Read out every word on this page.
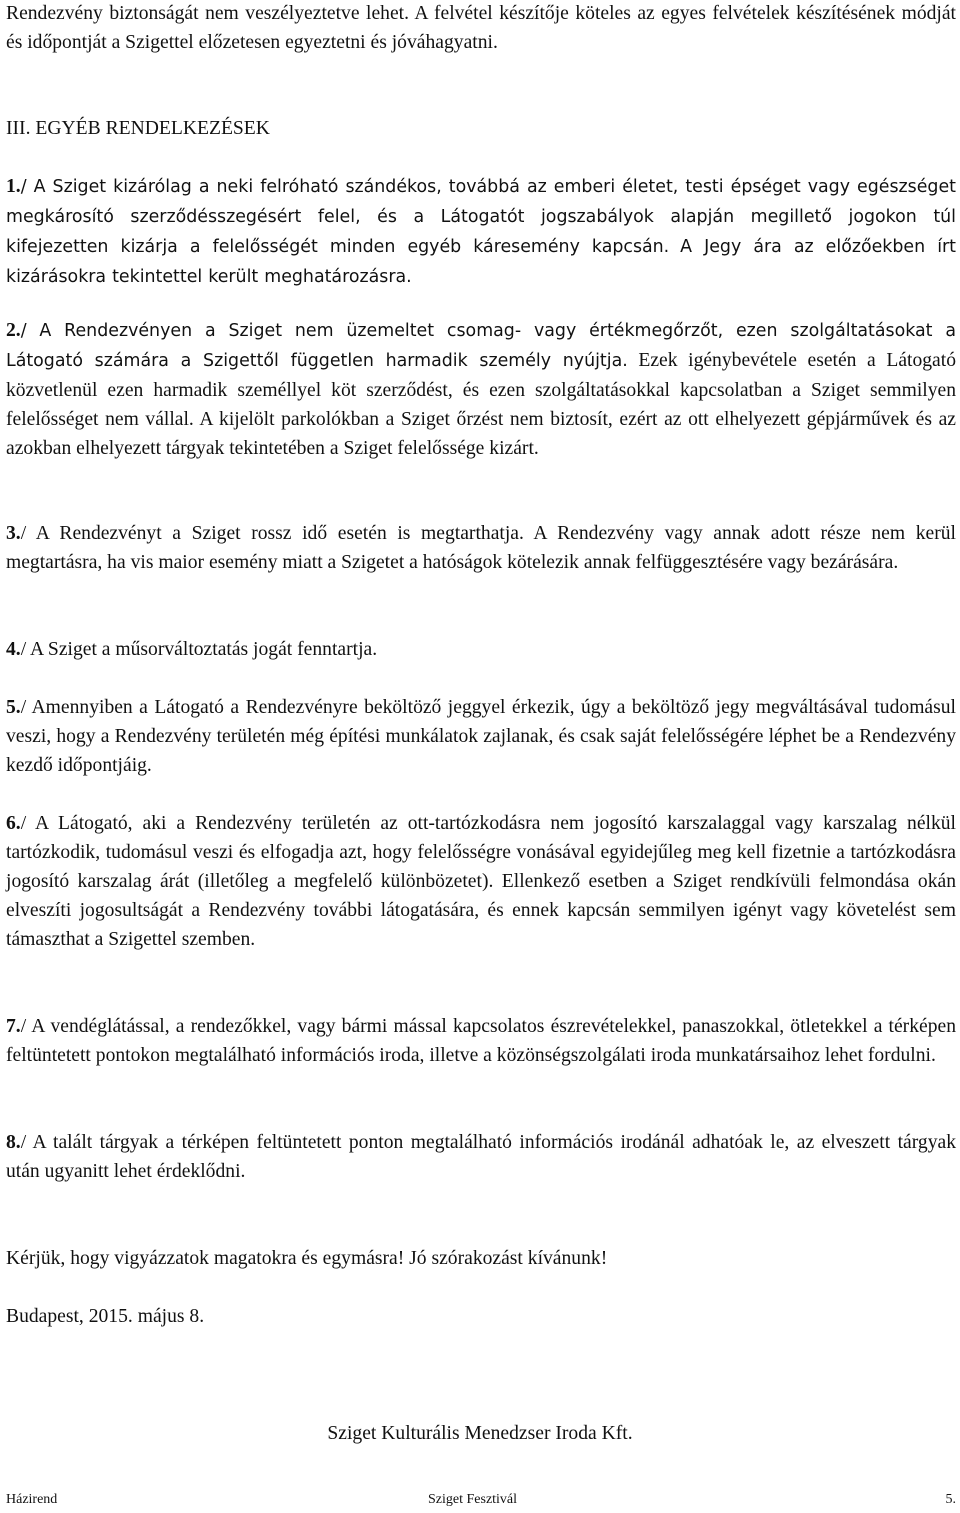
Rendezvény biztonságát nem veszélyeztetve lehet. A felvétel készítője köteles az egyes felvételek készítésének módját és időpontját a Szigettel előzetesen egyeztetni és jóváhagyatni.

III. EGYÉB RENDELKEZÉSEK

1./ A Sziget kizárólag a neki felróható szándékos, továbbá az emberi életet, testi épséget vagy egészséget megkárosító szerződésszegésért felel, és a Látogatót jogszabályok alapján megillető jogokon túl kifejezetten kizárja a felelősségét minden egyéb káresemény kapcsán. A Jegy ára az előzőekben írt kizárásokra tekintettel került meghatározásra.

2./ A Rendezvényen a Sziget nem üzemeltet csomag- vagy értékmegőrzőt, ezen szolgáltatásokat a Látogató számára a Szigettől független harmadik személy nyújtja. Ezek igénybevétele esetén a Látogató közvetlenül ezen harmadik személlyel köt szerződést, és ezen szolgáltatásokkal kapcsolatban a Sziget semmilyen felelősséget nem vállal. A kijelölt parkolókban a Sziget őrzést nem biztosít, ezért az ott elhelyezett gépjárművek és az azokban elhelyezett tárgyak tekintetében a Sziget felelőssége kizárt.

3./ A Rendezvényt a Sziget rossz idő esetén is megtarthatja. A Rendezvény vagy annak adott része nem kerül megtartásra, ha vis maior esemény miatt a Szigetet a hatóságok kötelezik annak felfüggesztésére vagy bezárására.

4./ A Sziget a műsorváltoztatás jogát fenntartja.

5./ Amennyiben a Látogató a Rendezvényre beköltöző jeggyel érkezik, úgy a beköltöző jegy megváltásával tudomásul veszi, hogy a Rendezvény területén még építési munkálatok zajlanak, és csak saját felelősségére léphet be a Rendezvény kezdő időpontjáig.

6./ A Látogató, aki a Rendezvény területén az ott-tartózkodásra nem jogosító karszalaggal vagy karszalag nélkül tartózkodik, tudomásul veszi és elfogadja azt, hogy felelősségre vonásával egyidejűleg meg kell fizetnie a tartózkodásra jogosító karszalag árát (illetőleg a megfelelő különbözetet). Ellenkező esetben a Sziget rendkívüli felmondása okán elveszíti jogosultságát a Rendezvény további látogatására, és ennek kapcsán semmilyen igényt vagy követelést sem támaszthat a Szigettel szemben.

7./ A vendéglátással, a rendezőkkel, vagy bármi mással kapcsolatos észrevételekkel, panaszokkal, ötletekkel a térképen feltüntetett pontokon megtalálható információs iroda, illetve a közönségszolgálati iroda munkatársaihoz lehet fordulni.

8./ A talált tárgyak a térképen feltüntetett ponton megtalálható információs irodánál adhatóak le, az elveszett tárgyak után ugyanitt lehet érdeklődni.

Kérjük, hogy vigyázzatok magatokra és egymásra! Jó szórakozást kívánunk!

Budapest, 2015. május 8.

Sziget Kulturális Menedzser Iroda Kft.
Házirend	Sziget Fesztivál	5.
